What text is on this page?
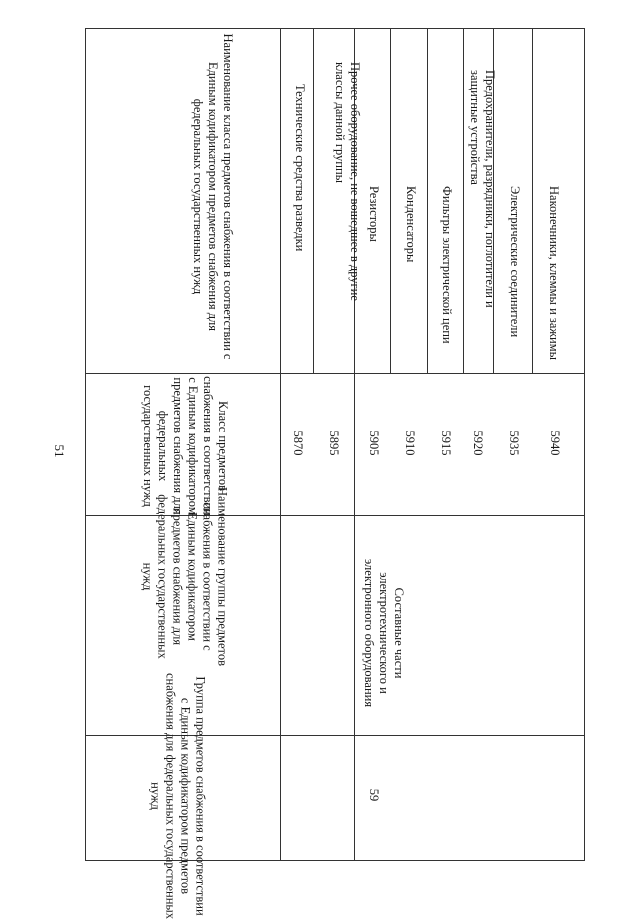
51
Группа предметов снабжения в соответствии с Единым кодификатором предметов снабжения для федеральных государственных нужд
Наименование группы предметов снабжения в соответствии с Единым кодификатором предметов снабжения для федеральных государственных нужд
Класс предметов снабжения в соответствии с Единым кодификатором предметов снабжения для федеральных государственных нужд
Наименование класса предметов снабжения в соответствии с Единым кодификатором предметов снабжения для федеральных государственных нужд
5870
Технические средства разведки
5895
Прочее оборудование, не вошедшее в другие классы данной группы
59
Составные части электротехнического и электронного оборудования
5905
Резисторы
5910
Конденсаторы
5915
Фильтры электрической цепи
5920
Предохранители, разрядники, поглотители и защитные устройства
5935
Электрические соединители
5940
Наконечники, клеммы и зажимы
